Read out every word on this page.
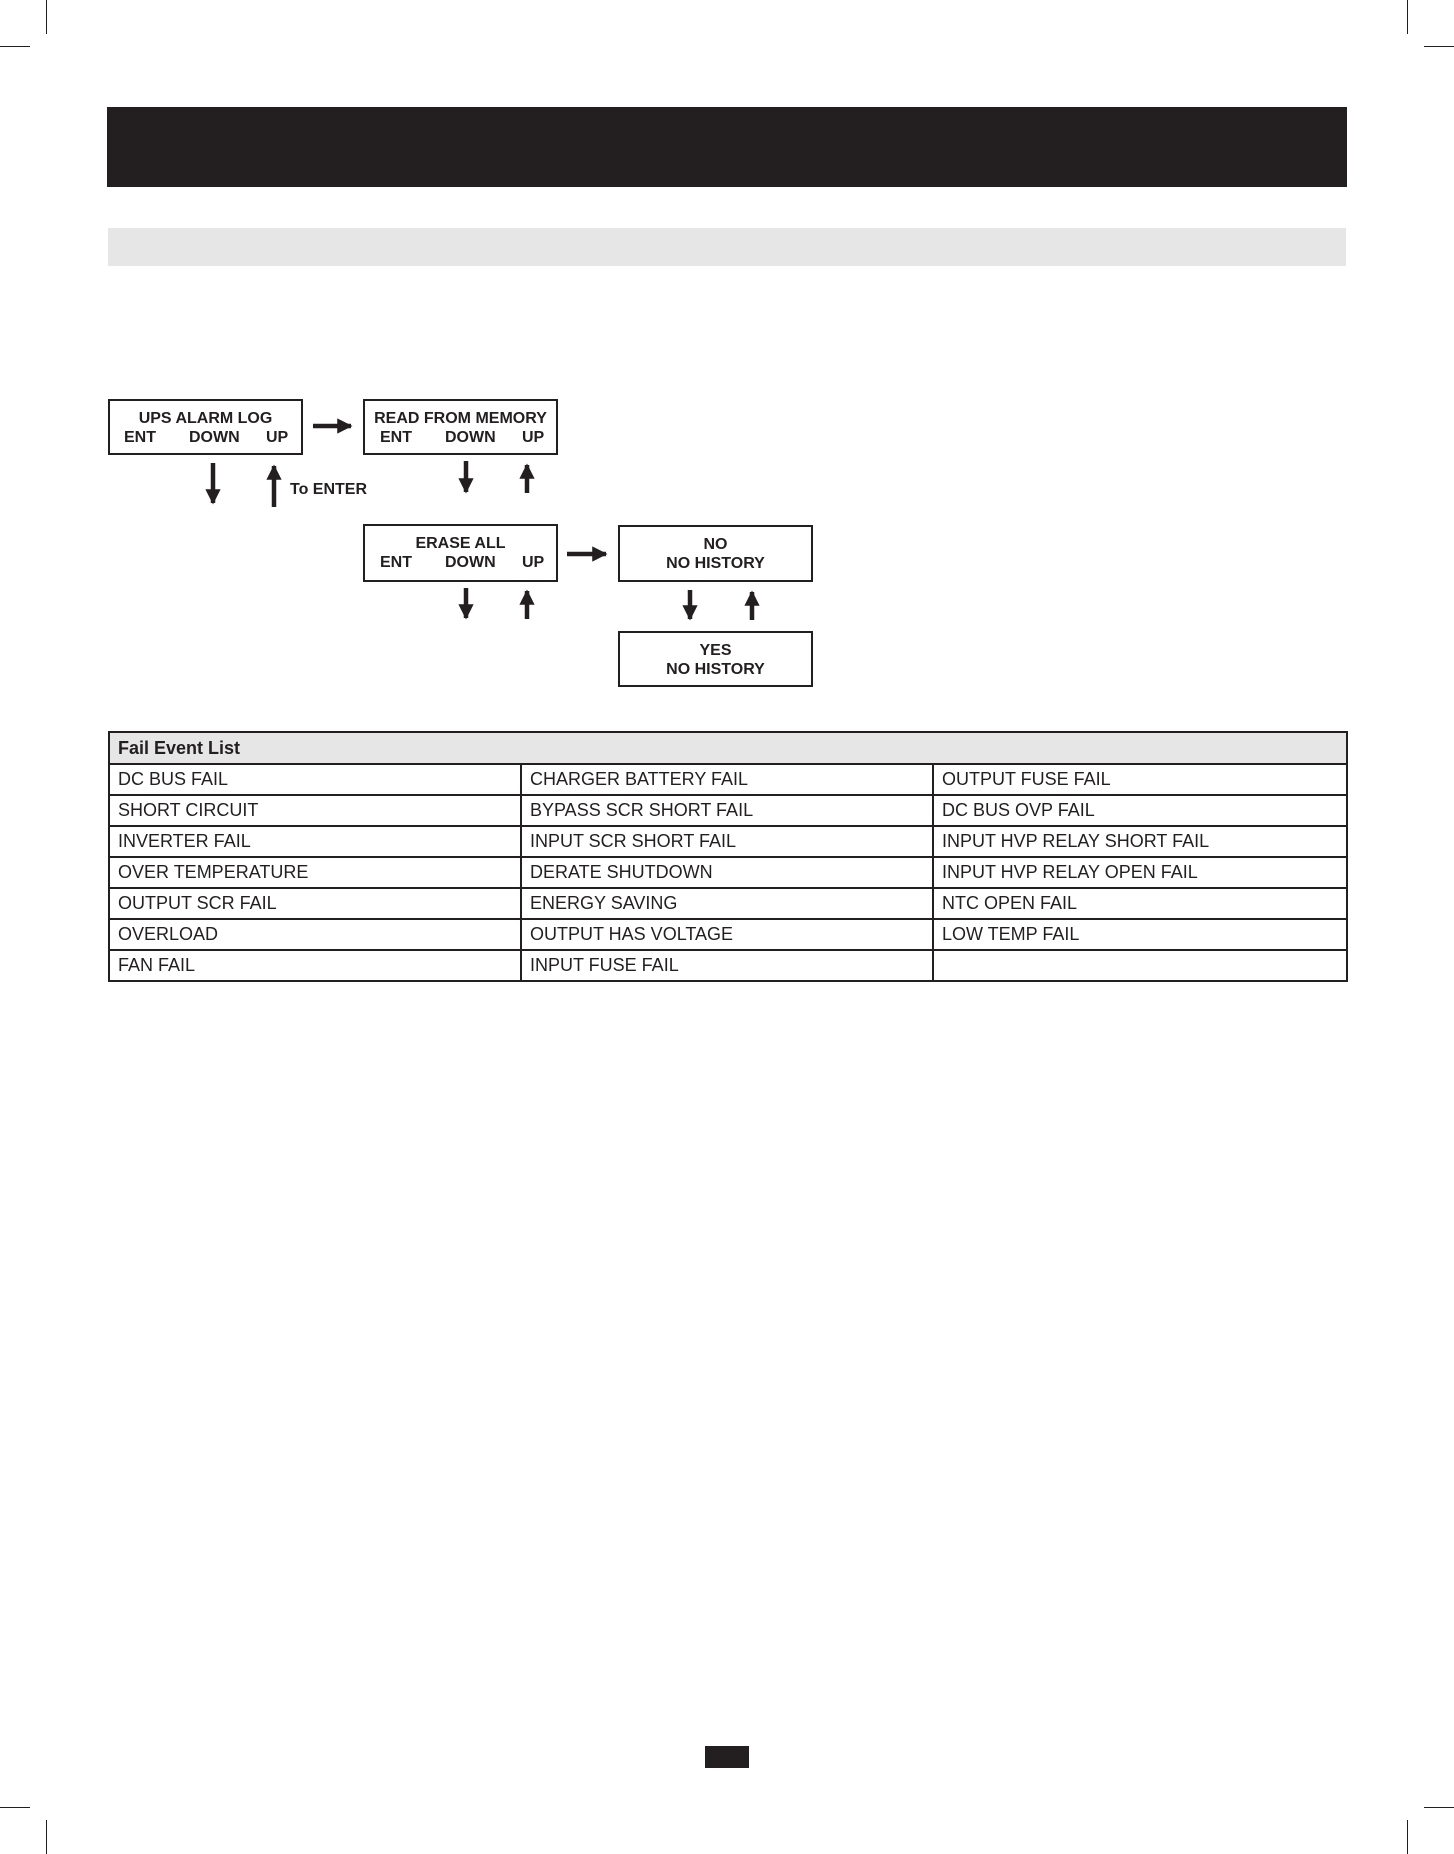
UPS ALARM LOG
ENT DOWN UP
READ FROM MEMORY
ENT DOWN UP
ERASE ALL
ENT DOWN UP
NO
NO HISTORY
YES
NO HISTORY
To ENTER
Fail Event List		
DC BUS FAIL	CHARGER BATTERY FAIL	OUTPUT FUSE FAIL
SHORT CIRCUIT	BYPASS SCR SHORT FAIL	DC BUS OVP FAIL
INVERTER FAIL	INPUT SCR SHORT FAIL	INPUT HVP RELAY SHORT FAIL
OVER TEMPERATURE	DERATE SHUTDOWN	INPUT HVP RELAY OPEN FAIL
OUTPUT SCR FAIL	ENERGY SAVING	NTC OPEN FAIL
OVERLOAD	OUTPUT HAS VOLTAGE	LOW TEMP FAIL
FAN FAIL	INPUT FUSE FAIL	
